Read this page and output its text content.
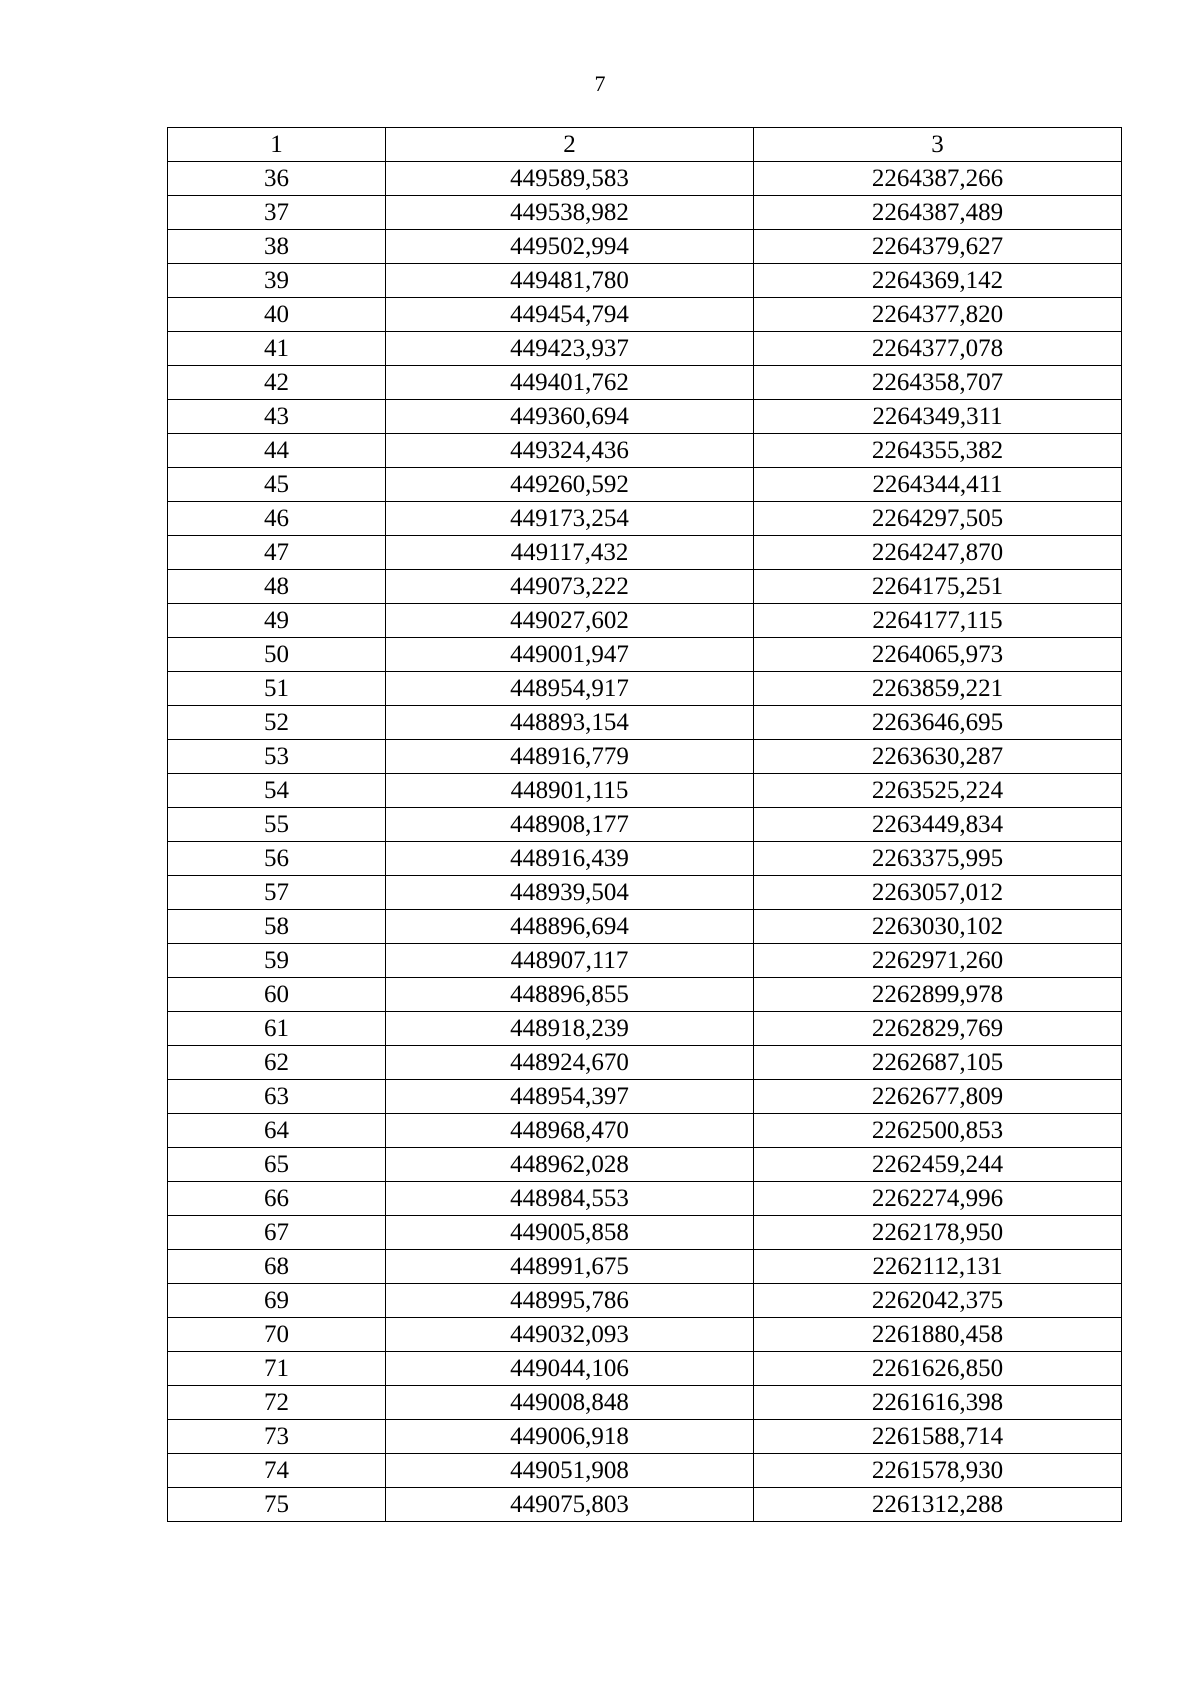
7
1	2	3
36	449589,583	2264387,266
37	449538,982	2264387,489
38	449502,994	2264379,627
39	449481,780	2264369,142
40	449454,794	2264377,820
41	449423,937	2264377,078
42	449401,762	2264358,707
43	449360,694	2264349,311
44	449324,436	2264355,382
45	449260,592	2264344,411
46	449173,254	2264297,505
47	449117,432	2264247,870
48	449073,222	2264175,251
49	449027,602	2264177,115
50	449001,947	2264065,973
51	448954,917	2263859,221
52	448893,154	2263646,695
53	448916,779	2263630,287
54	448901,115	2263525,224
55	448908,177	2263449,834
56	448916,439	2263375,995
57	448939,504	2263057,012
58	448896,694	2263030,102
59	448907,117	2262971,260
60	448896,855	2262899,978
61	448918,239	2262829,769
62	448924,670	2262687,105
63	448954,397	2262677,809
64	448968,470	2262500,853
65	448962,028	2262459,244
66	448984,553	2262274,996
67	449005,858	2262178,950
68	448991,675	2262112,131
69	448995,786	2262042,375
70	449032,093	2261880,458
71	449044,106	2261626,850
72	449008,848	2261616,398
73	449006,918	2261588,714
74	449051,908	2261578,930
75	449075,803	2261312,288
